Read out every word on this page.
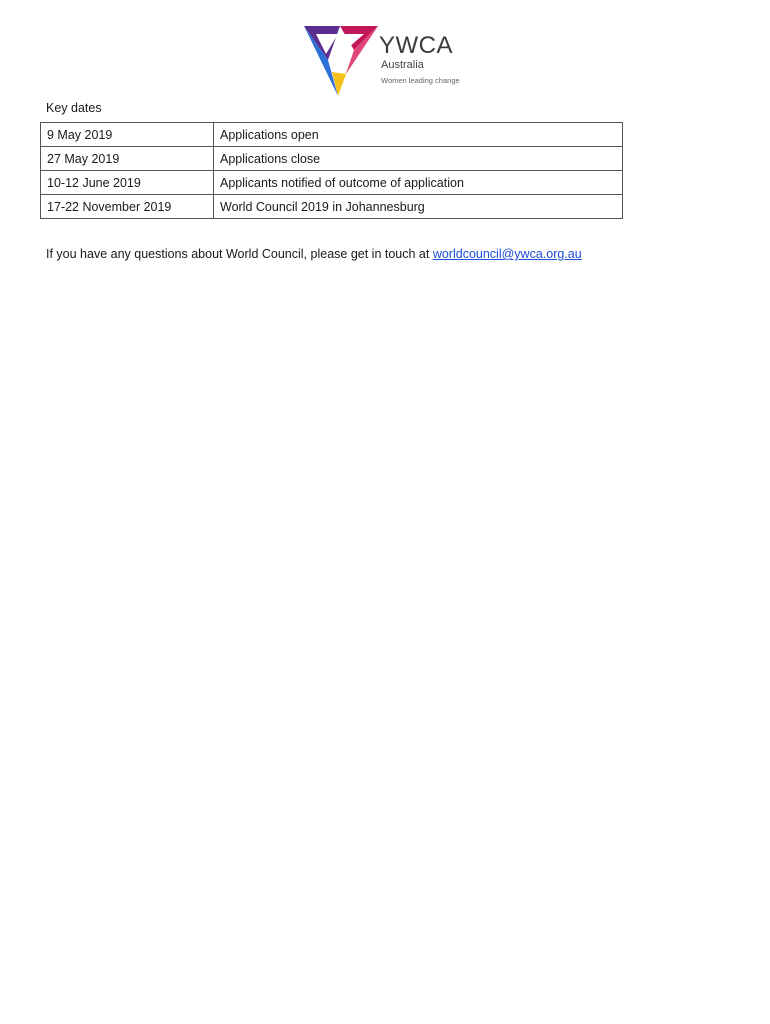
YWCA
Australia
Women leading change
Key dates
9 May 2019	Applications open
27 May 2019	Applications close
10-12 June 2019	Applicants notified of outcome of application
17-22 November 2019	World Council 2019 in Johannesburg
If you have any questions about World Council, please get in touch at worldcouncil@ywca.org.au
